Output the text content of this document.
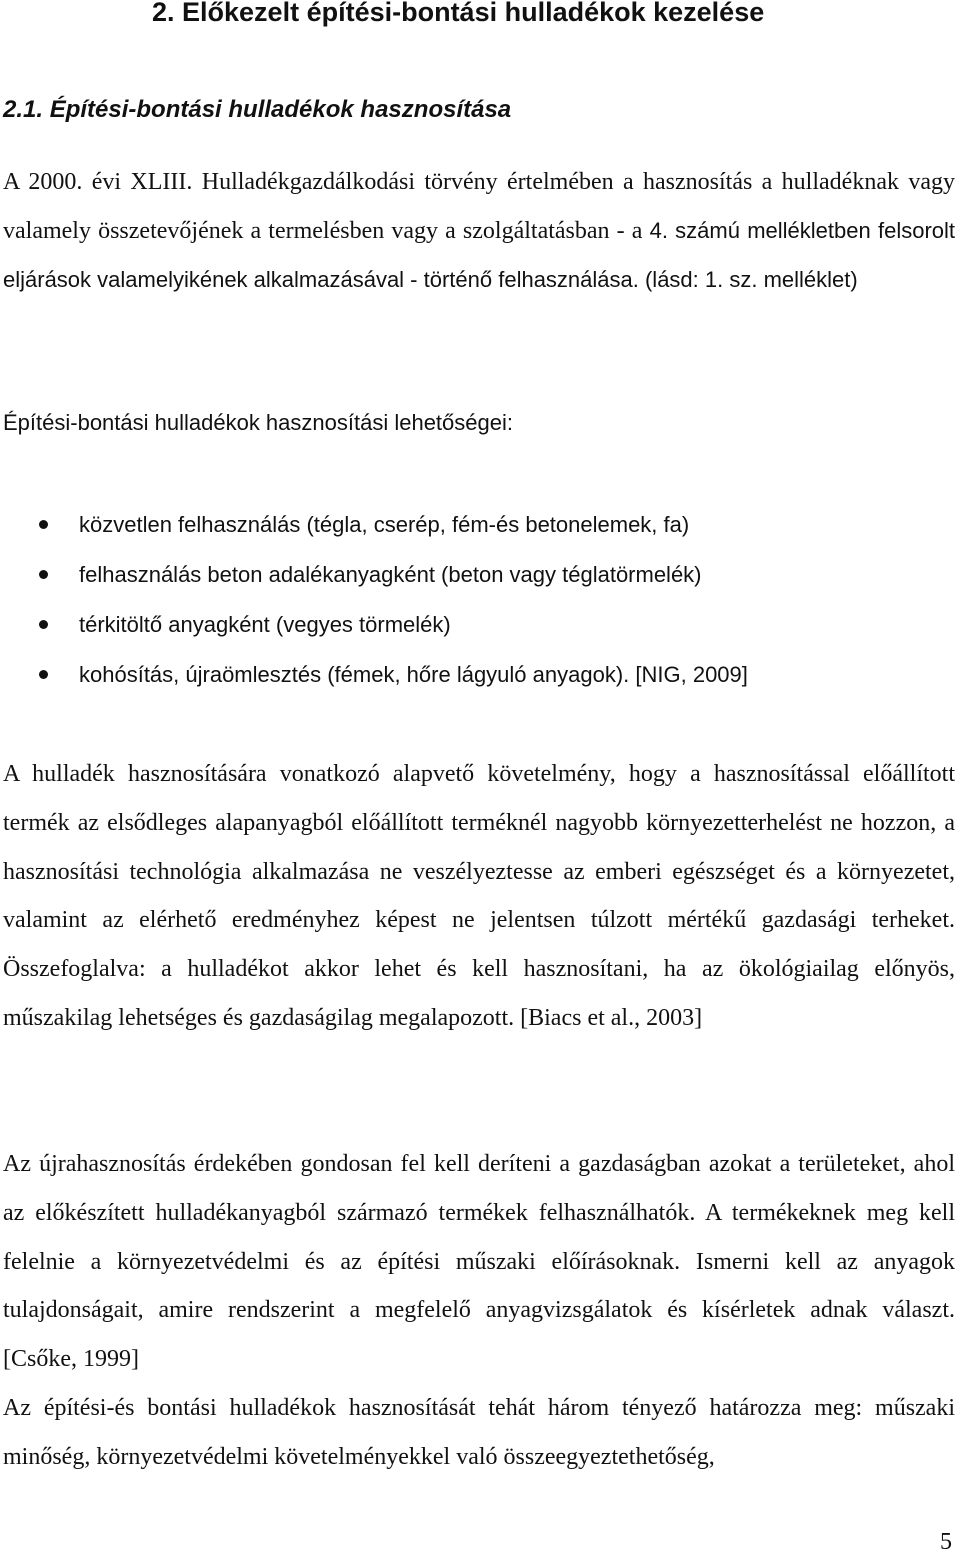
2. Előkezelt építési-bontási hulladékok kezelése
2.1. Építési-bontási hulladékok hasznosítása

A 2000. évi XLIII. Hulladékgazdálkodási törvény értelmében a hasznosítás a hulladéknak vagy valamely összetevőjének a termelésben vagy a szolgáltatásban - a 4. számú mellékletben felsorolt eljárások valamelyikének alkalmazásával - történő felhasználása. (lásd: 1. sz. melléklet)

Építési-bontási hulladékok hasznosítási lehetőségei:

közvetlen felhasználás (tégla, cserép, fém-és betonelemek, fa)
felhasználás beton adalékanyagként (beton vagy téglatörmelék)
térkitöltő anyagként (vegyes törmelék)
kohósítás, újraömlesztés (fémek, hőre lágyuló anyagok). [NIG, 2009]

A hulladék hasznosítására vonatkozó alapvető követelmény, hogy a hasznosítással előállított termék az elsődleges alapanyagból előállított terméknél nagyobb környezetterhelést ne hozzon, a hasznosítási technológia alkalmazása ne veszélyeztesse az emberi egészséget és a környezetet, valamint az elérhető eredményhez képest ne jelentsen túlzott mértékű gazdasági terheket. Összefoglalva: a hulladékot akkor lehet és kell hasznosítani, ha az ökológiailag előnyös, műszakilag lehetséges és gazdaságilag megalapozott. [Biacs et al., 2003]

Az újrahasznosítás érdekében gondosan fel kell deríteni a gazdaságban azokat a területeket, ahol az előkészített hulladékanyagból származó termékek felhasználhatók. A termékeknek meg kell felelnie a környezetvédelmi és az építési műszaki előírásoknak. Ismerni kell az anyagok tulajdonságait, amire rendszerint a megfelelő anyagvizsgálatok és kísérletek adnak választ. [Csőke, 1999]

Az építési-és bontási hulladékok hasznosítását tehát három tényező határozza meg: műszaki minőség, környezetvédelmi követelményekkel való összeegyeztethetőség,

5
